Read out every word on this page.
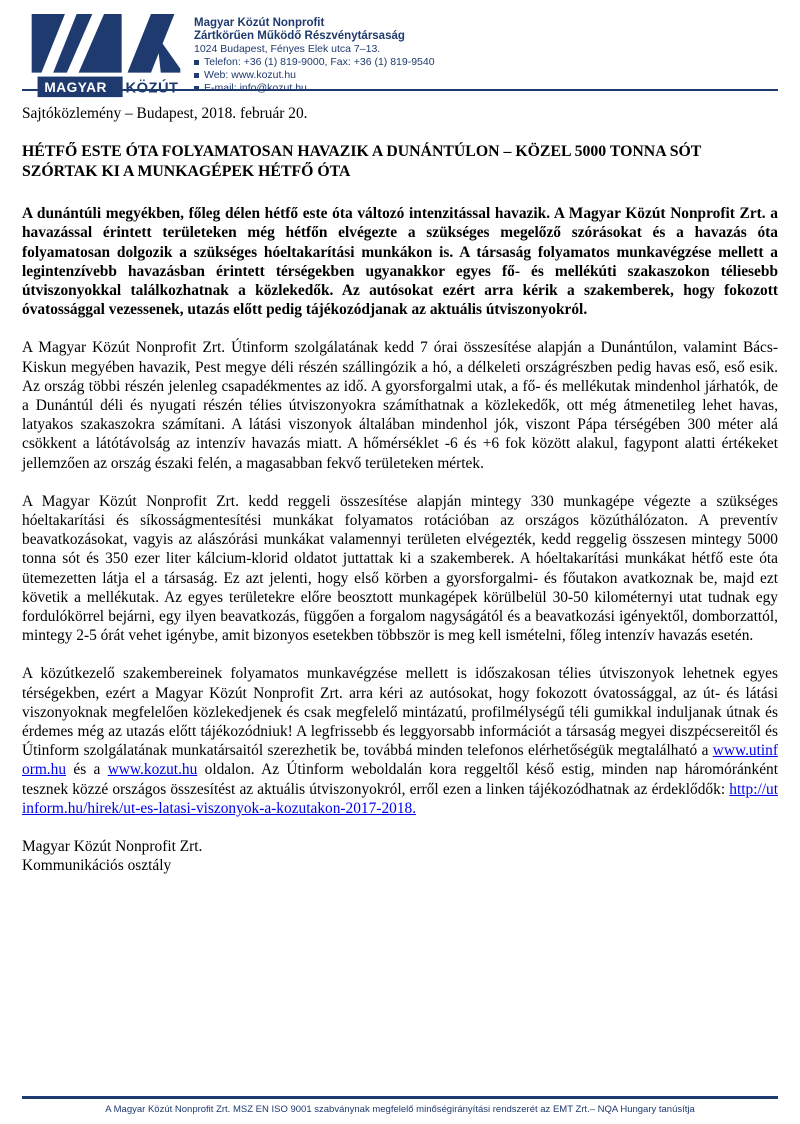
MAGYAR KÖZÚT
Magyar Közút Nonprofit
Zártkörűen Működő Részvénytársaság
1024 Budapest, Fényes Elek utca 7–13.
Telefon: +36 (1) 819-9000, Fax: +36 (1) 819-9540
Web: www.kozut.hu
E-mail: info@kozut.hu

Sajtóközlemény – Budapest, 2018. február 20.

HÉTFŐ ESTE ÓTA FOLYAMATOSAN HAVAZIK A DUNÁNTÚLON – KÖZEL 5000 TONNA SÓT
SZÓRTAK KI A MUNKAGÉPEK HÉTFŐ ÓTA

A dunántúli megyékben, főleg délen hétfő este óta változó intenzitással havazik. A Magyar Közút Nonprofit Zrt. a havazással érintett területeken még hétfőn elvégezte a szükséges megelőző szórásokat és a havazás óta folyamatosan dolgozik a szükséges hóeltakarítási munkákon is. A társaság folyamatos munkavégzése mellett a legintenzívebb havazásban érintett térségekben ugyanakkor egyes fő- és mellékúti szakaszokon téliesebb útviszonyokkal találkozhatnak a közlekedők. Az autósokat ezért arra kérik a szakemberek, hogy fokozott óvatossággal vezessenek, utazás előtt pedig tájékozódjanak az aktuális útviszonyokról.

A Magyar Közút Nonprofit Zrt. Útinform szolgálatának kedd 7 órai összesítése alapján a Dunántúlon, valamint Bács-Kiskun megyében havazik, Pest megye déli részén szállingózik a hó, a délkeleti országrészben pedig havas eső, eső esik. Az ország többi részén jelenleg csapadékmentes az idő. A gyorsforgalmi utak, a fő- és mellékutak mindenhol járhatók, de a Dunántúl déli és nyugati részén télies útviszonyokra számíthatnak a közlekedők, ott még átmenetileg lehet havas, latyakos szakaszokra számítani. A látási viszonyok általában mindenhol jók, viszont Pápa térségében 300 méter alá csökkent a látótávolság az intenzív havazás miatt. A hőmérséklet -6 és +6 fok között alakul, fagypont alatti értékeket jellemzően az ország északi felén, a magasabban fekvő területeken mértek.

A Magyar Közút Nonprofit Zrt. kedd reggeli összesítése alapján mintegy 330 munkagépe végezte a szükséges hóeltakarítási és síkosságmentesítési munkákat folyamatos rotációban az országos közúthálózaton. A preventív beavatkozásokat, vagyis az alászórási munkákat valamennyi területen elvégezték, kedd reggelig összesen mintegy 5000 tonna sót és 350 ezer liter kálcium-klorid oldatot juttattak ki a szakemberek. A hóeltakarítási munkákat hétfő este óta ütemezetten látja el a társaság. Ez azt jelenti, hogy első körben a gyorsforgalmi- és főutakon avatkoznak be, majd ezt követik a mellékutak. Az egyes területekre előre beosztott munkagépek körülbelül 30-50 kilométernyi utat tudnak egy fordulókörrel bejárni, egy ilyen beavatkozás, függően a forgalom nagyságától és a beavatkozási igényektől, domborzattól, mintegy 2-5 órát vehet igénybe, amit bizonyos esetekben többször is meg kell ismételni, főleg intenzív havazás esetén.

A közútkezelő szakembereinek folyamatos munkavégzése mellett is időszakosan télies útviszonyok lehetnek egyes térségekben, ezért a Magyar Közút Nonprofit Zrt. arra kéri az autósokat, hogy fokozott óvatossággal, az út- és látási viszonyoknak megfelelően közlekedjenek és csak megfelelő mintázatú, profilmélységű téli gumikkal induljanak útnak és érdemes még az utazás előtt tájékozódniuk! A legfrissebb és leggyorsabb információt a társaság megyei diszpécsereitől és Útinform szolgálatának munkatársaitól szerezhetik be, továbbá minden telefonos elérhetőségük megtalálható a www.utinform.hu és a www.kozut.hu oldalon. Az Útinform weboldalán kora reggeltől késő estig, minden nap háromóránként tesznek közzé országos összesítést az aktuális útviszonyokról, erről ezen a linken tájékozódhatnak az érdeklődők: http://utinform.hu/hirek/ut-es-latasi-viszonyok-a-kozutakon-2017-2018.

Magyar Közút Nonprofit Zrt.
Kommunikációs osztály
A Magyar Közút Nonprofit Zrt. MSZ EN ISO 9001 szabványnak megfelelő minőségirányítási rendszerét az EMT Zrt.– NQA Hungary tanúsítja
